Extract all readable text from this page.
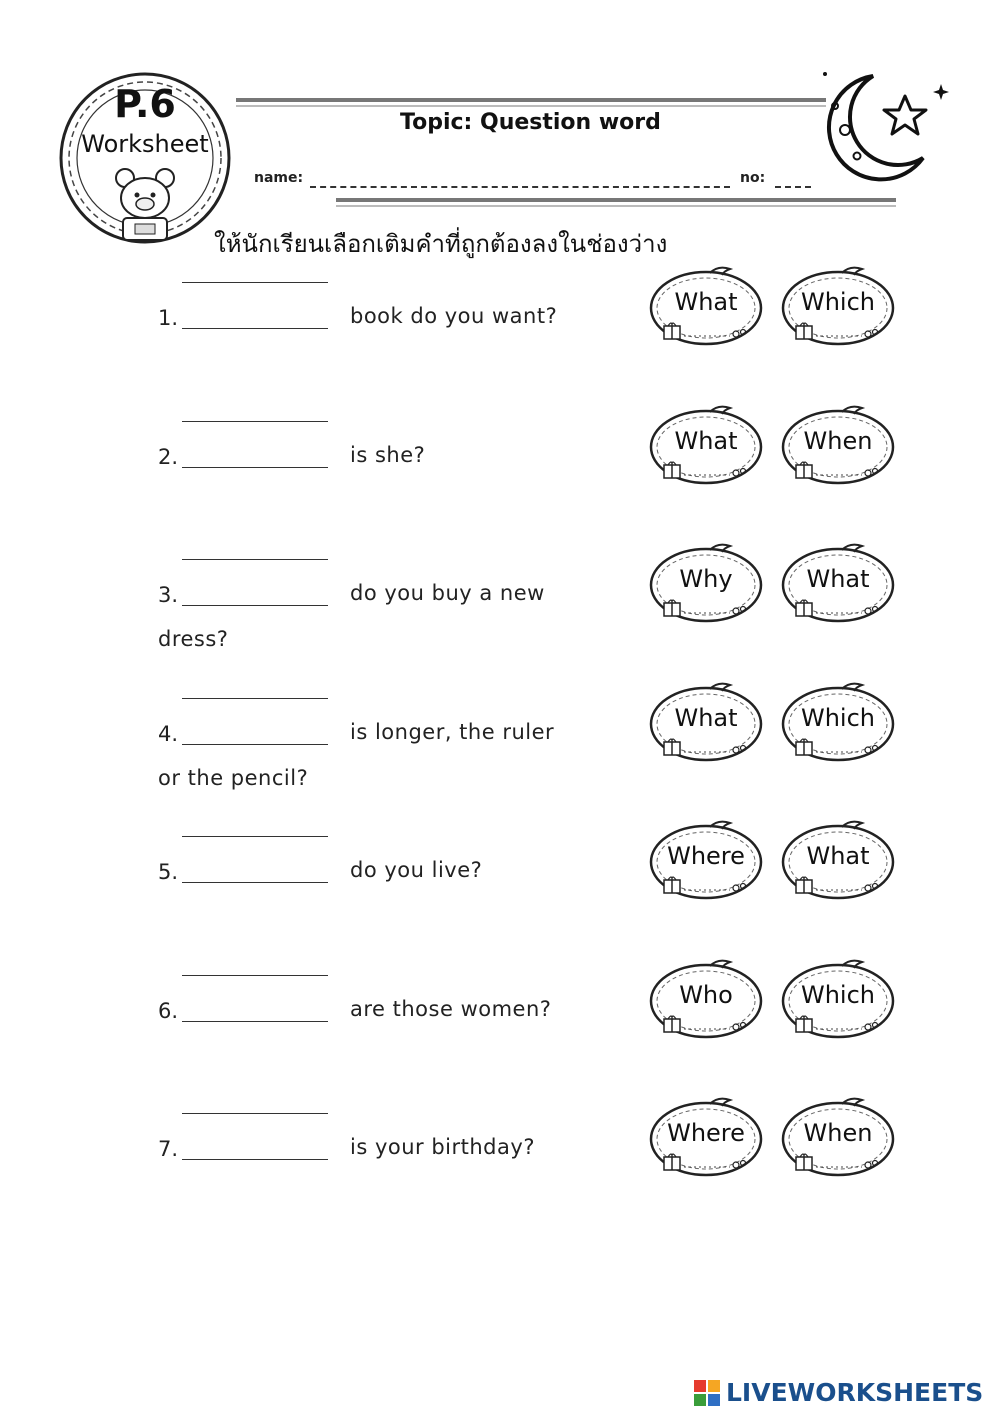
P.6
Worksheet
Topic: Question word
name:	no:
ให้นักเรียนเลือกเติมคำที่ถูกต้องลงในช่องว่าง
1.	book do you want?
2.	is she?
3.	do you buy a new
dress?
4.	is longer, the ruler
or the pencil?
5.	do you live?
6.	are those women?
7.	is your birthday?
What	Which
What	When
Why	What
What	Which
Where	What
Who	Which
Where	When
LIVEWORKSHEETS
